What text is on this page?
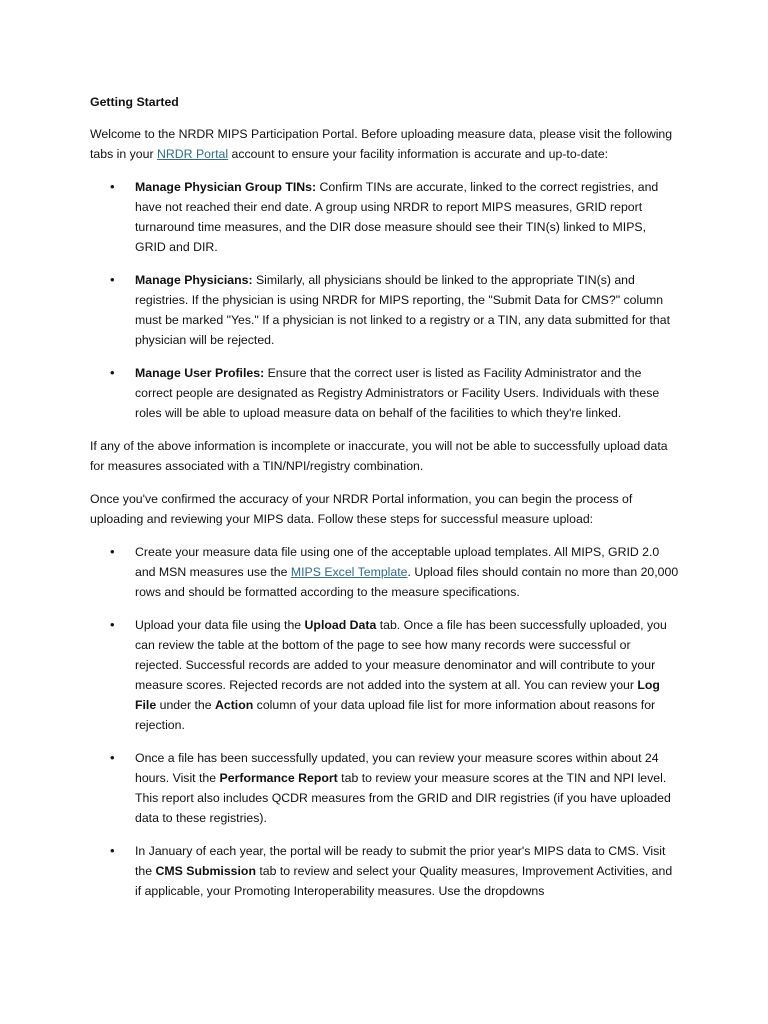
Getting Started

Welcome to the NRDR MIPS Participation Portal. Before uploading measure data, please visit the following tabs in your NRDR Portal account to ensure your facility information is accurate and up-to-date:

• Manage Physician Group TINs: Confirm TINs are accurate, linked to the correct registries, and have not reached their end date. A group using NRDR to report MIPS measures, GRID report turnaround time measures, and the DIR dose measure should see their TIN(s) linked to MIPS, GRID and DIR.
• Manage Physicians: Similarly, all physicians should be linked to the appropriate TIN(s) and registries. If the physician is using NRDR for MIPS reporting, the "Submit Data for CMS?" column must be marked "Yes." If a physician is not linked to a registry or a TIN, any data submitted for that physician will be rejected.
• Manage User Profiles: Ensure that the correct user is listed as Facility Administrator and the correct people are designated as Registry Administrators or Facility Users. Individuals with these roles will be able to upload measure data on behalf of the facilities to which they're linked.

If any of the above information is incomplete or inaccurate, you will not be able to successfully upload data for measures associated with a TIN/NPI/registry combination.

Once you've confirmed the accuracy of your NRDR Portal information, you can begin the process of uploading and reviewing your MIPS data. Follow these steps for successful measure upload:

• Create your measure data file using one of the acceptable upload templates. All MIPS, GRID 2.0 and MSN measures use the MIPS Excel Template. Upload files should contain no more than 20,000 rows and should be formatted according to the measure specifications.
• Upload your data file using the Upload Data tab. Once a file has been successfully uploaded, you can review the table at the bottom of the page to see how many records were successful or rejected. Successful records are added to your measure denominator and will contribute to your measure scores. Rejected records are not added into the system at all. You can review your Log File under the Action column of your data upload file list for more information about reasons for rejection.
• Once a file has been successfully updated, you can review your measure scores within about 24 hours. Visit the Performance Report tab to review your measure scores at the TIN and NPI level. This report also includes QCDR measures from the GRID and DIR registries (if you have uploaded data to these registries).
• In January of each year, the portal will be ready to submit the prior year's MIPS data to CMS. Visit the CMS Submission tab to review and select your Quality measures, Improvement Activities, and if applicable, your Promoting Interoperability measures. Use the dropdowns
